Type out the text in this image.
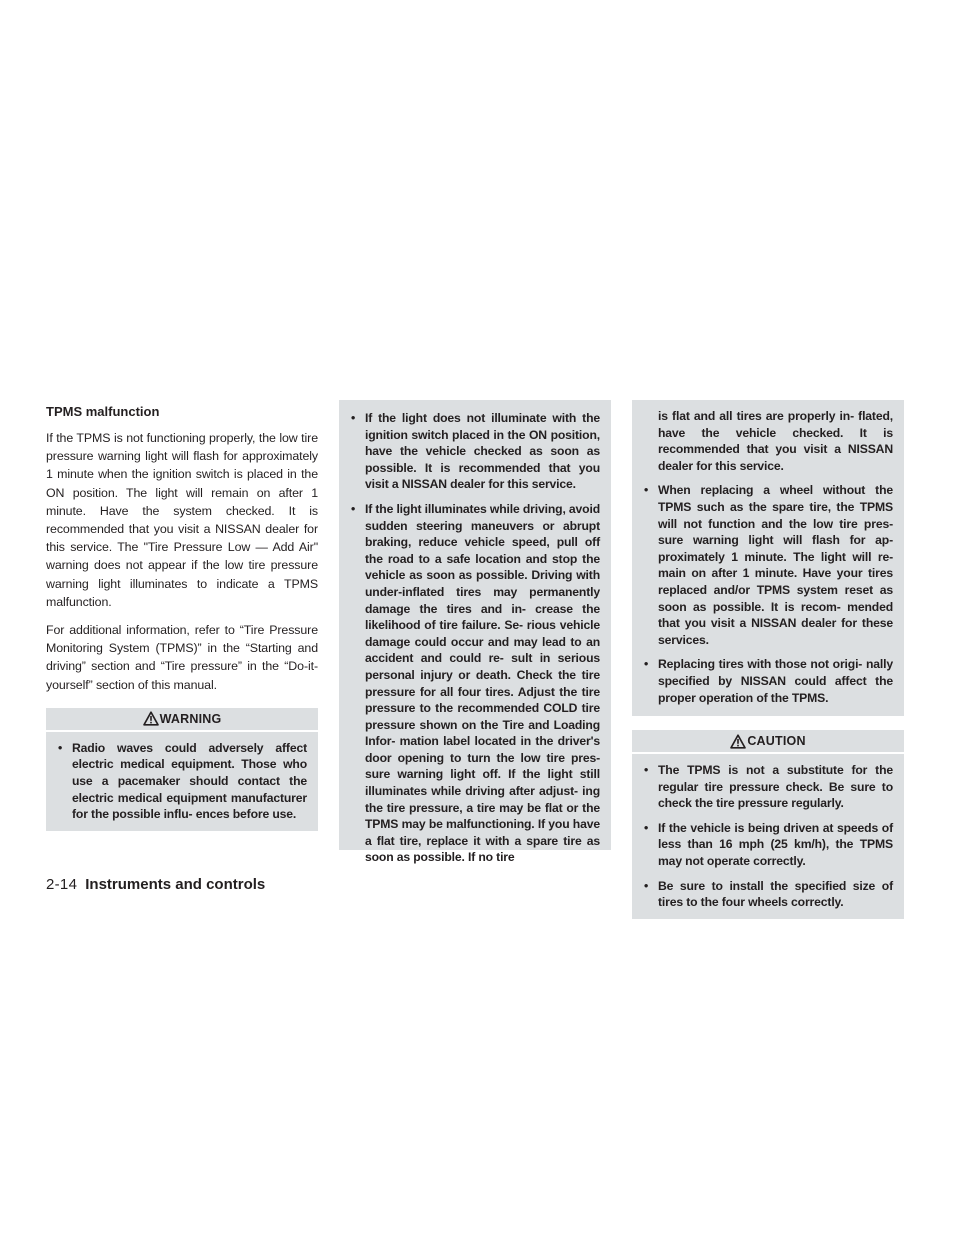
TPMS malfunction

If the TPMS is not functioning properly, the low tire pressure warning light will flash for approximately 1 minute when the ignition switch is placed in the ON position. The light will remain on after 1 minute. Have the system checked. It is recommended that you visit a NISSAN dealer for this service. The "Tire Pressure Low — Add Air" warning does not appear if the low tire pressure warning light illuminates to indicate a TPMS malfunction.

For additional information, refer to “Tire Pressure Monitoring System (TPMS)” in the “Starting and driving” section and “Tire pressure” in the “Do-it-yourself” section of this manual.

WARNING
• Radio waves could adversely affect electric medical equipment. Those who use a pacemaker should contact the electric medical equipment manufacturer for the possible influ- ences before use.
• If the light does not illuminate with the ignition switch placed in the ON position, have the vehicle checked as soon as possible. It is recommended that you visit a NISSAN dealer for this service.
• If the light illuminates while driving, avoid sudden steering maneuvers or abrupt braking, reduce vehicle speed, pull off the road to a safe location and stop the vehicle as soon as possible. Driving with under-inflated tires may permanently damage the tires and in- crease the likelihood of tire failure. Se- rious vehicle damage could occur and may lead to an accident and could re- sult in serious personal injury or death. Check the tire pressure for all four tires. Adjust the tire pressure to the recommended COLD tire pressure shown on the Tire and Loading Infor- mation label located in the driver's door opening to turn the low tire pres- sure warning light off. If the light still illuminates while driving after adjust- ing the tire pressure, a tire may be flat or the TPMS may be malfunctioning. If you have a flat tire, replace it with a spare tire as soon as possible. If no tire
is flat and all tires are properly in- flated, have the vehicle checked. It is recommended that you visit a NISSAN dealer for this service.
• When replacing a wheel without the TPMS such as the spare tire, the TPMS will not function and the low tire pres- sure warning light will flash for ap- proximately 1 minute. The light will re- main on after 1 minute. Have your tires replaced and/or TPMS system reset as soon as possible. It is recom- mended that you visit a NISSAN dealer for these services.
• Replacing tires with those not origi- nally specified by NISSAN could affect the proper operation of the TPMS.
CAUTION
• The TPMS is not a substitute for the regular tire pressure check. Be sure to check the tire pressure regularly.
• If the vehicle is being driven at speeds of less than 16 mph (25 km/h), the TPMS may not operate correctly.
• Be sure to install the specified size of tires to the four wheels correctly.
2-14 Instruments and controls
